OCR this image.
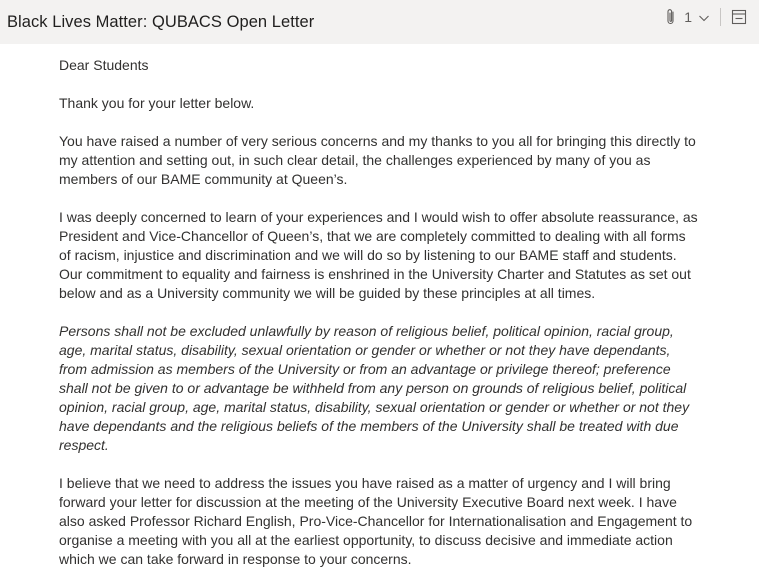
Black Lives Matter: QUBACS Open Letter	1

Dear Students

Thank you for your letter below.

You have raised a number of very serious concerns and my thanks to you all for bringing this directly to my attention and setting out, in such clear detail, the challenges experienced by many of you as members of our BAME community at Queen’s.

I was deeply concerned to learn of your experiences and I would wish to offer absolute reassurance, as President and Vice-Chancellor of Queen’s, that we are completely committed to dealing with all forms of racism, injustice and discrimination and we will do so by listening to our BAME staff and students. Our commitment to equality and fairness is enshrined in the University Charter and Statutes as set out below and as a University community we will be guided by these principles at all times.

Persons shall not be excluded unlawfully by reason of religious belief, political opinion, racial group, age, marital status, disability, sexual orientation or gender or whether or not they have dependants, from admission as members of the University or from an advantage or privilege thereof; preference shall not be given to or advantage be withheld from any person on grounds of religious belief, political opinion, racial group, age, marital status, disability, sexual orientation or gender or whether or not they have dependants and the religious beliefs of the members of the University shall be treated with due respect.

I believe that we need to address the issues you have raised as a matter of urgency and I will bring forward your letter for discussion at the meeting of the University Executive Board next week. I have also asked Professor Richard English, Pro-Vice-Chancellor for Internationalisation and Engagement to organise a meeting with you all at the earliest opportunity, to discuss decisive and immediate action which we can take forward in response to your concerns.
